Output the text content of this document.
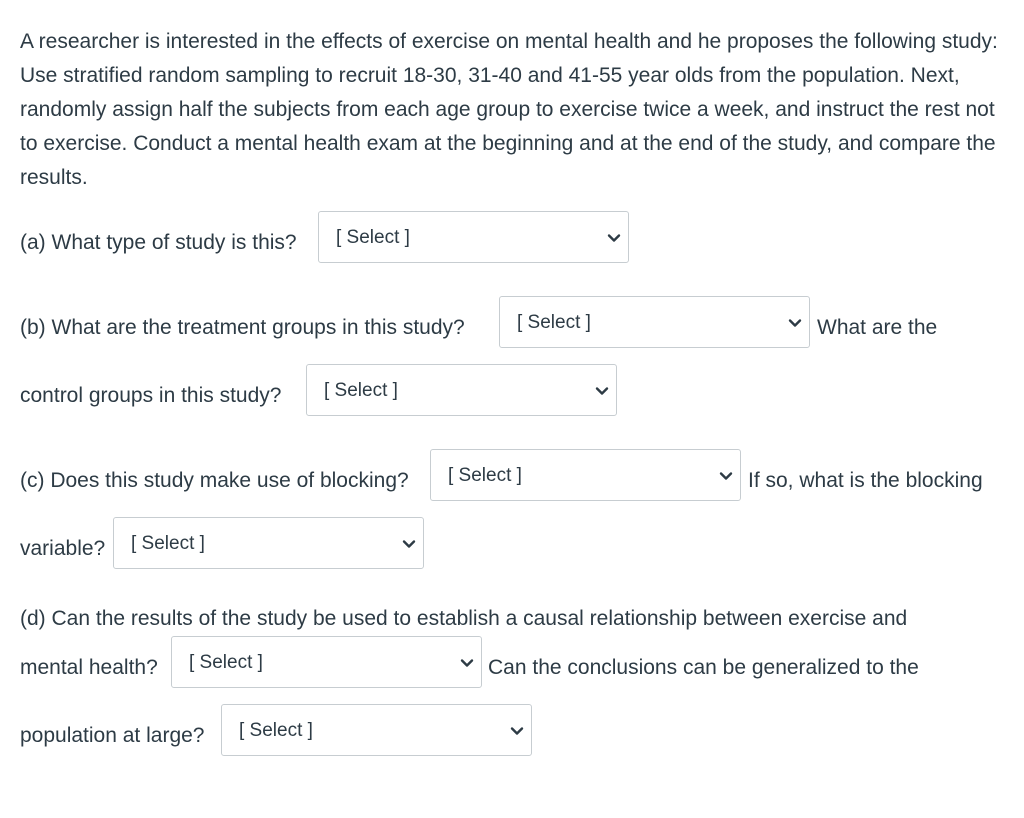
A researcher is interested in the effects of exercise on mental health and he proposes the following study: Use stratified random sampling to recruit 18-30, 31-40 and 41-55 year olds from the population. Next, randomly assign half the subjects from each age group to exercise twice a week, and instruct the rest not to exercise. Conduct a mental health exam at the beginning and at the end of the study, and compare the results.

(a) What type of study is this? [ Select ]
(b) What are the treatment groups in this study?	[ Select ]	What are the
control groups in this study? [ Select ]
(c) Does this study make use of blocking? [ Select ]	If so, what is the blocking
variable? [ Select ]
(d) Can the results of the study be used to establish a causal relationship between exercise and
mental health? [ Select ]	Can the conclusions can be generalized to the
population at large? [ Select ]
